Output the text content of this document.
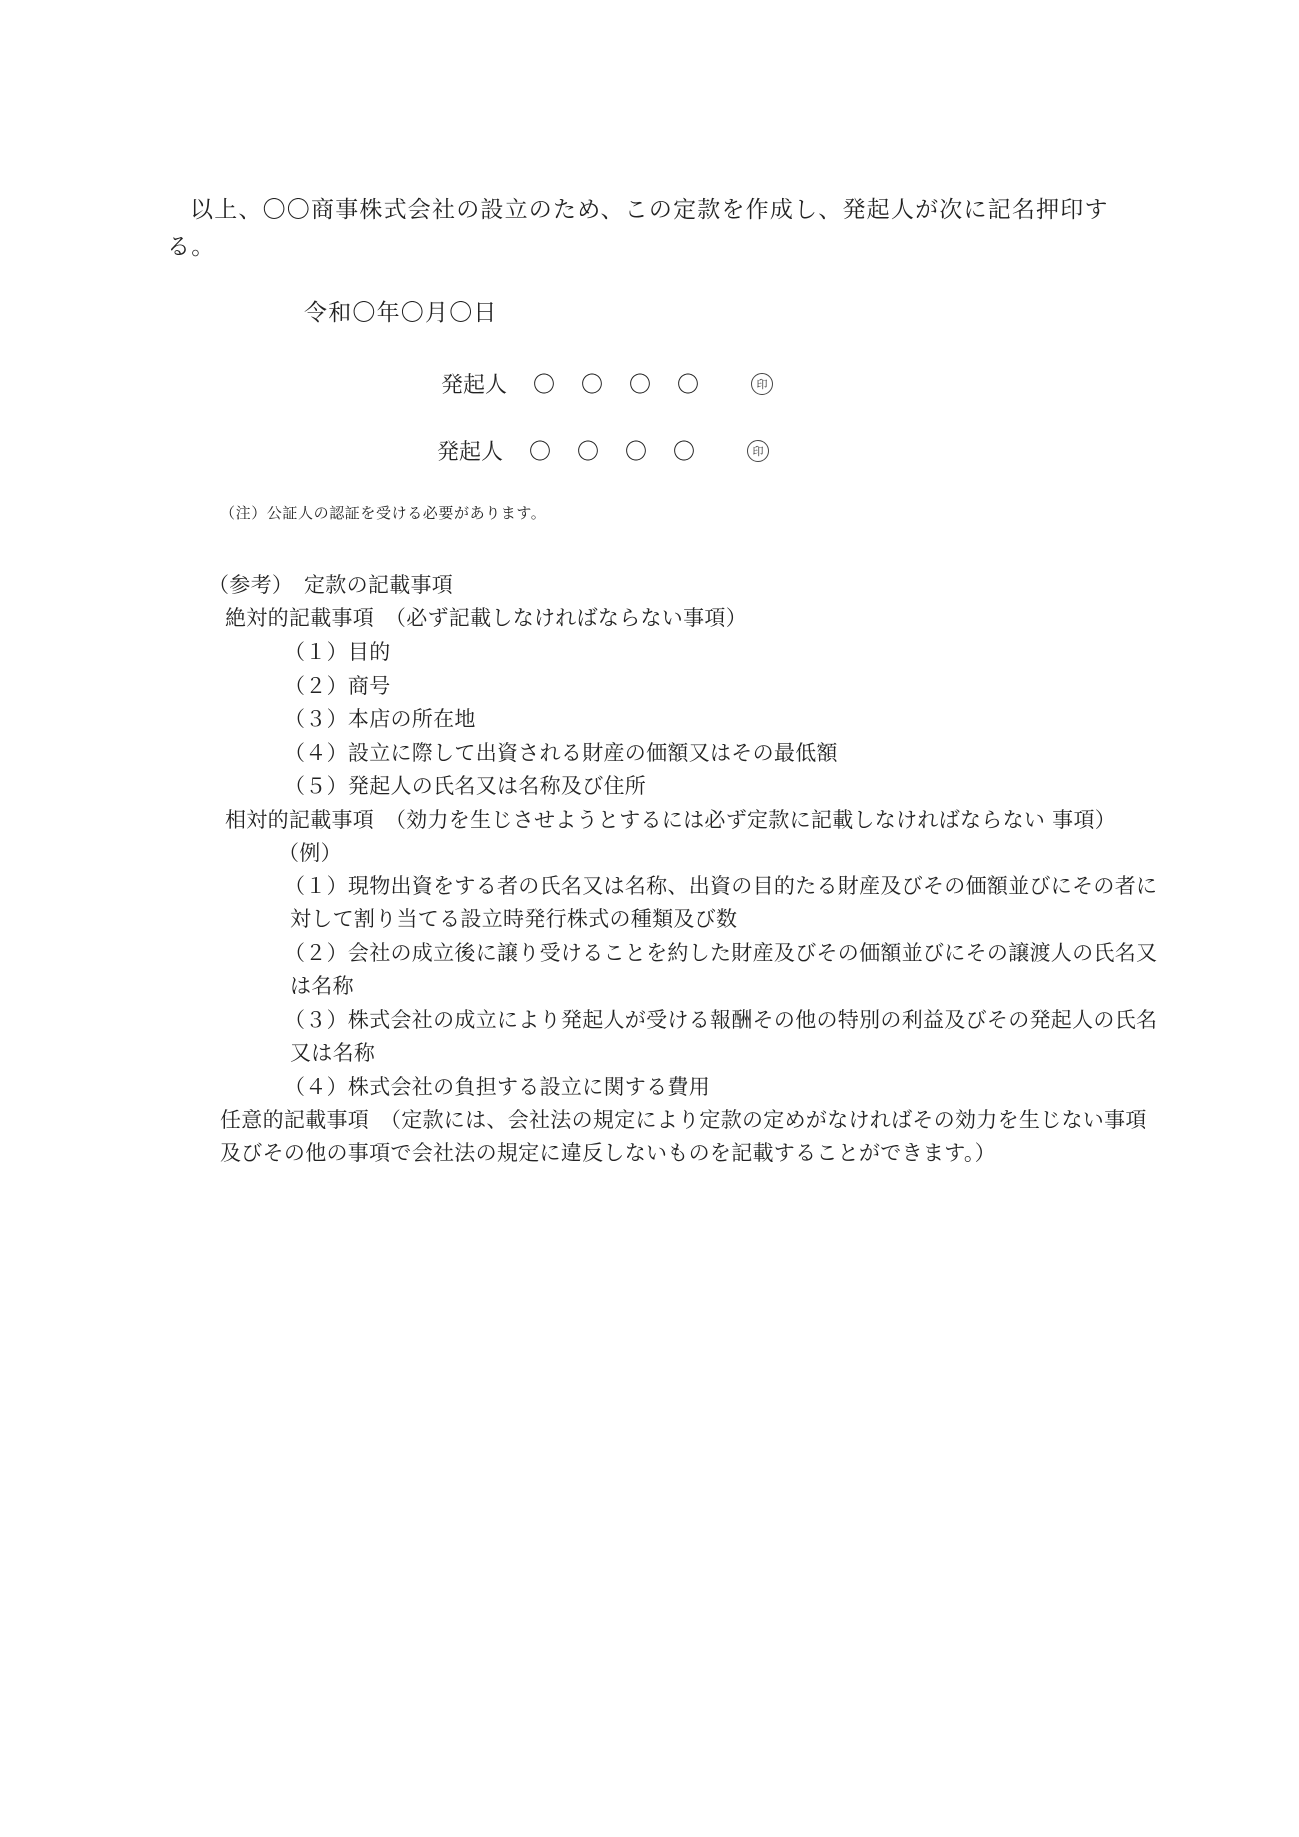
以上、〇〇商事株式会社の設立のため、この定款を作成し、発起人が次に記名押印す
る。
令和〇年〇月〇日
発起人 〇	〇	〇	〇	印
発起人 〇	〇	〇	〇	印
（注）公証人の認証を受ける必要があります。
（参考）　定款の記載事項
絶対的記載事項　（必ず記載しなければならない事項）
（１）目的
（２）商号
（３）本店の所在地
（４）設立に際して出資される財産の価額又はその最低額
（５）発起人の氏名又は名称及び住所
相対的記載事項　（効力を生じさせようとするには必ず定款に記載しなければならない 事項）
（例）
（１）現物出資をする者の氏名又は名称、出資の目的たる財産及びその価額並びにその者に
対して割り当てる設立時発行株式の種類及び数
（２）会社の成立後に譲り受けることを約した財産及びその価額並びにその譲渡人の氏名又
は名称
（３）株式会社の成立により発起人が受ける報酬その他の特別の利益及びその発起人の氏名
又は名称
（４）株式会社の負担する設立に関する費用
任意的記載事項　（定款には、会社法の規定により定款の定めがなければその効力を生じない事項
及びその他の事項で会社法の規定に違反しないものを記載することができます。）
